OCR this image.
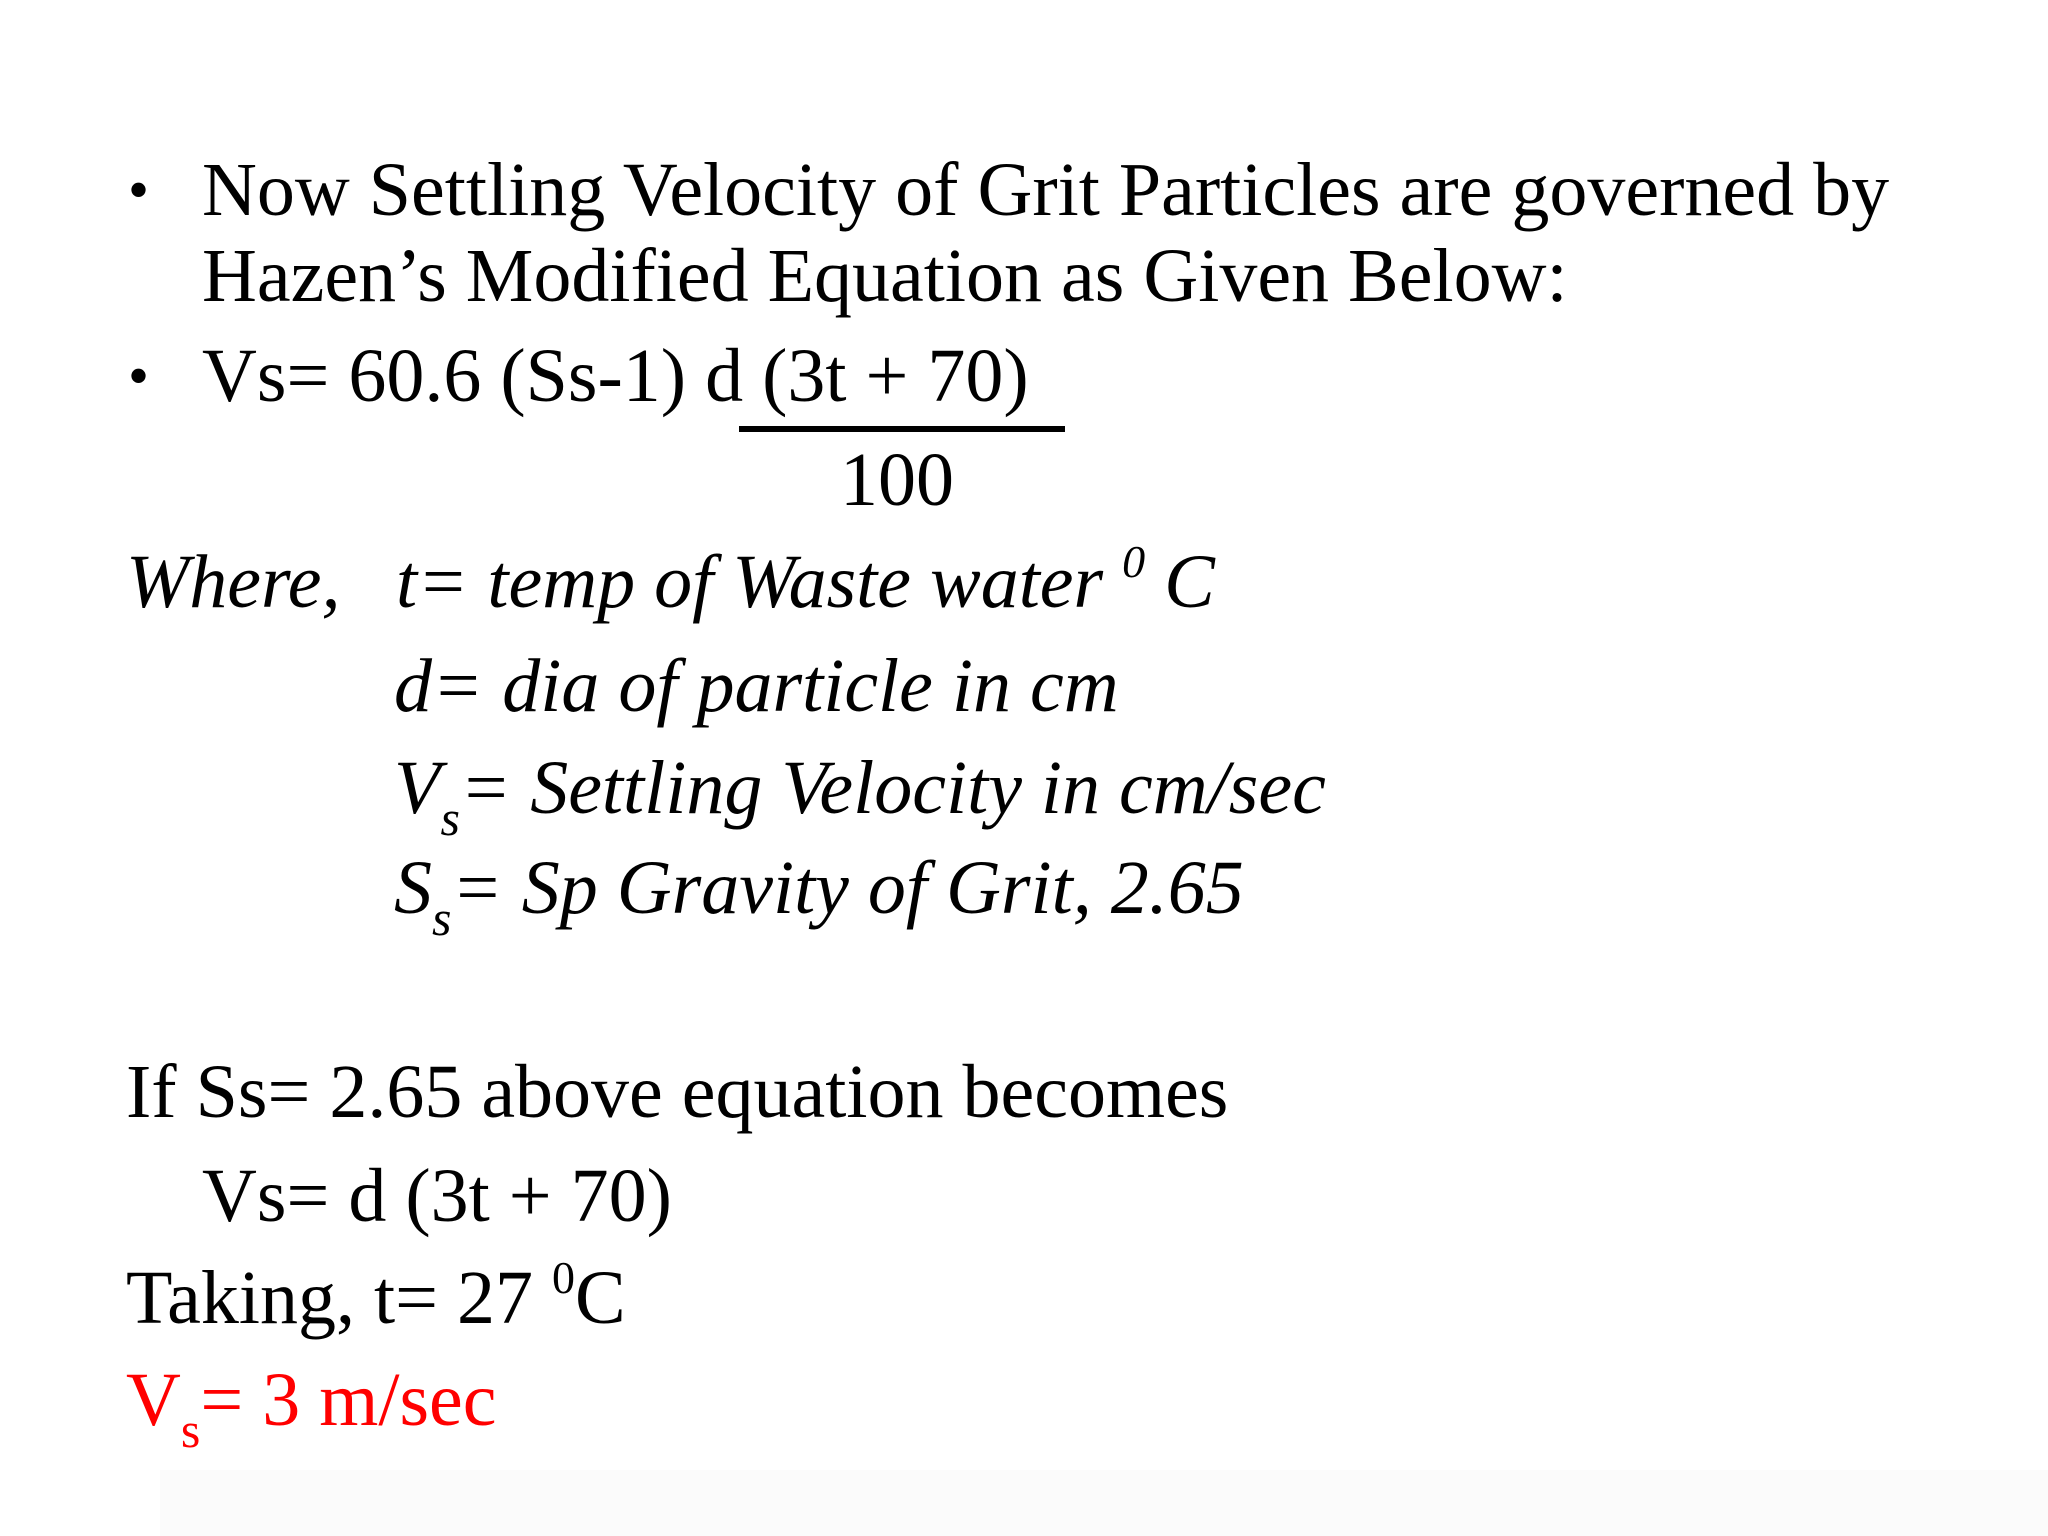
• Now Settling Velocity of Grit Particles are governed by
Hazen’s Modified Equation as Given Below:
• Vs= 60.6 (Ss-1) d (3t + 70)
100
Where, t= temp of Waste water $^0$ C
d= dia of particle in cm
$V_s=$ Settling Velocity in cm/sec
$S_s= Sp$ Gravity of Grit, 2.65
If Ss= 2.65 above equation becomes
Vs= d (3t + 70)
Taking, t= 27 $^0$C
$V_s= 3$ m/sec
